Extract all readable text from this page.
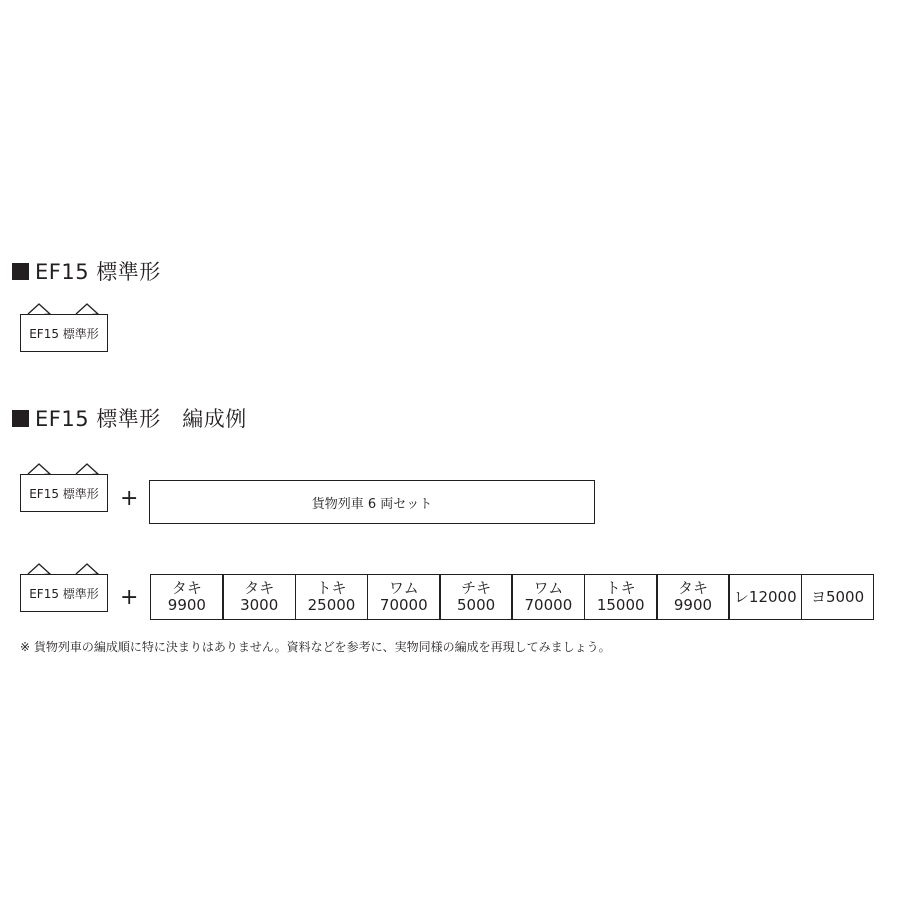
EF15 標準形
EF15 標準形
EF15 標準形　編成例
EF15 標準形 +	貨物列車 6 両セット
EF15 標準形 + タキ
9900
タキ
3000
トキ
25000
ワム
70000
チキ
5000
ワム
70000
トキ
15000
タキ
9900 レ12000 ヨ5000
※ 貨物列車の編成順に特に決まりはありません。資料などを参考に、実物同様の編成を再現してみましょう。
